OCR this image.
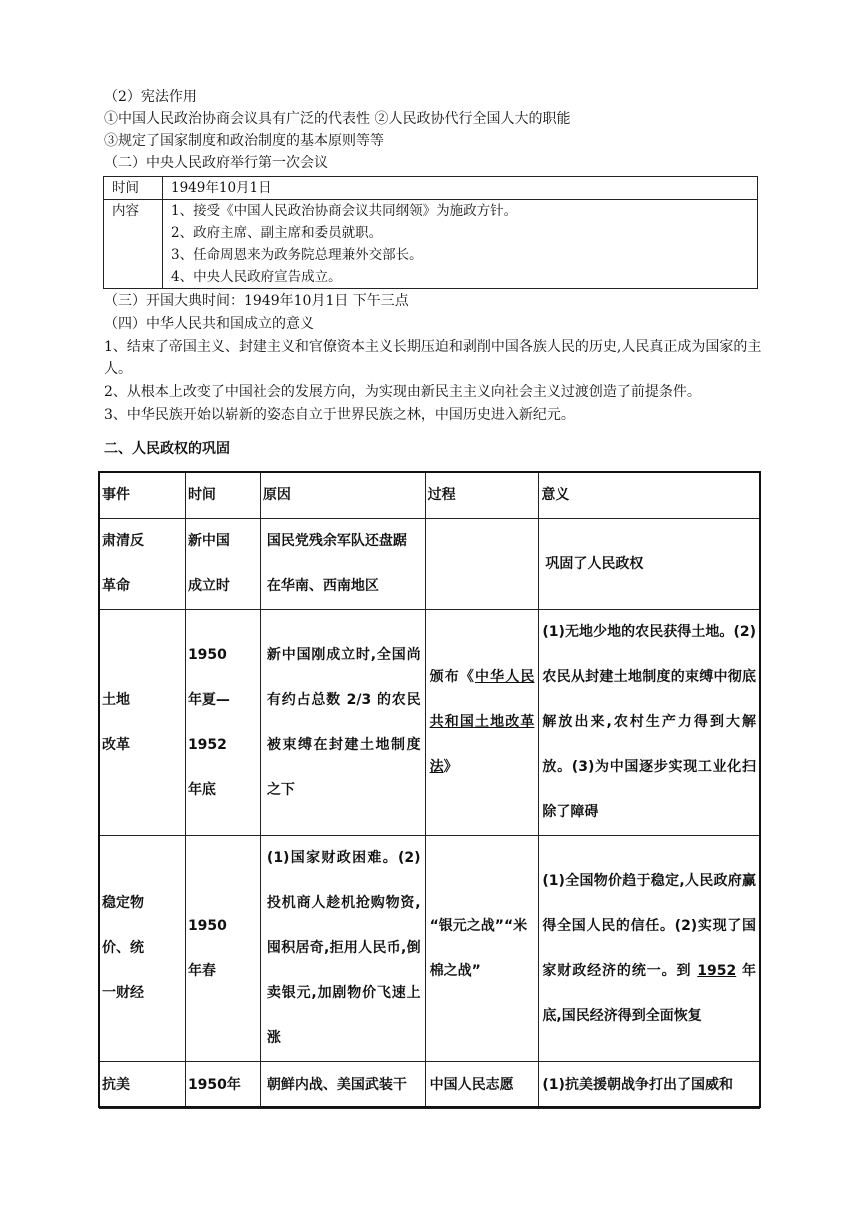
（2）宪法作用
①中国人民政治协商会议具有广泛的代表性 ②人民政协代行全国人大的职能
③规定了国家制度和政治制度的基本原则等等
（二）中央人民政府举行第一次会议
时间	1949年10月1日
内容	1、接受《中国人民政治协商会议共同纲领》为施政方针。
2、政府主席、副主席和委员就职。
3、任命周恩来为政务院总理兼外交部长。
4、中央人民政府宣告成立。
（三）开国大典时间：1949年10月1日 下午三点
（四）中华人民共和国成立的意义
1、结束了帝国主义、封建主义和官僚资本主义长期压迫和剥削中国各族人民的历史,人民真正成为国家的主人。
2、从根本上改变了中国社会的发展方向，为实现由新民主主义向社会主义过渡创造了前提条件。
3、中华民族开始以崭新的姿态自立于世界民族之林，中国历史进入新纪元。
二、人民政权的巩固
事件	时间	原因	过程	意义
肃清反革命	新中国成立时	国民党残余军队还盘踞在华南、西南地区		巩固了人民政权
土地改革	1950年夏—1952年底	新中国刚成立时,全国尚有约占总数 2/3 的农民被束缚在封建土地制度之下	颁布《中华人民共和国土地改革法》	(1)无地少地的农民获得土地。(2)农民从封建土地制度的束缚中彻底解放出来,农村生产力得到大解放。(3)为中国逐步实现工业化扫除了障碍
稳定物价、统一财经	1950年春	(1)国家财政困难。(2)投机商人趁机抢购物资,囤积居奇,拒用人民币,倒卖银元,加剧物价飞速上涨	“银元之战”“米棉之战”	(1)全国物价趋于稳定,人民政府赢得全国人民的信任。(2)实现了国家财政经济的统一。到 1952 年底,国民经济得到全面恢复
抗美	1950年	朝鲜内战、美国武装干	中国人民志愿	(1)抗美援朝战争打出了国威和
